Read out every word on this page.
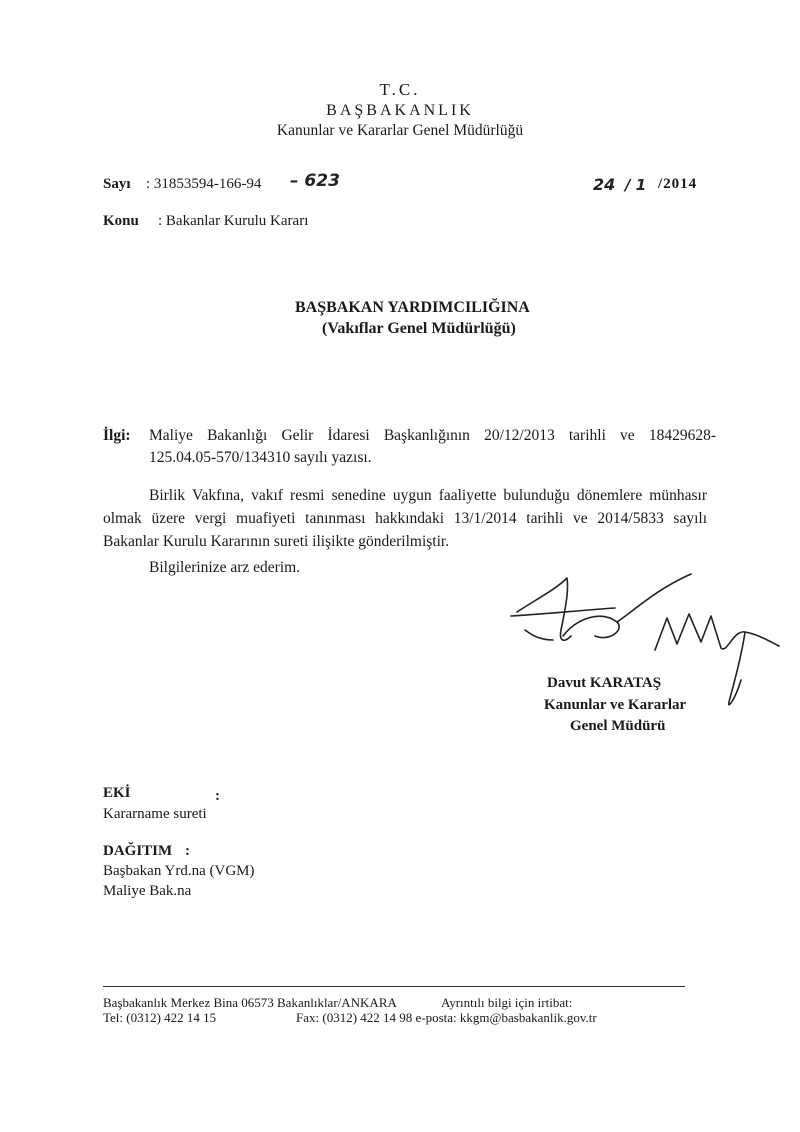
T.C.
BAŞBAKANLIK
Kanunlar ve Kararlar Genel Müdürlüğü
Sayı : 31853594-166-94 – 623	24 / 1 /2014
Konu : Bakanlar Kurulu Kararı
BAŞBAKAN YARDIMCILIĞINA
(Vakıflar Genel Müdürlüğü)
İlgi: Maliye Bakanlığı Gelir İdaresi Başkanlığının 20/12/2013 tarihli ve 18429628-
125.04.05-570/134310 sayılı yazısı.
Birlik Vakfına, vakıf resmi senedine uygun faaliyette bulunduğu dönemlere münhasır
olmak üzere vergi muafiyeti tanınması hakkındaki 13/1/2014 tarihli ve 2014/5833 sayılı
Bakanlar Kurulu Kararının sureti ilişikte gönderilmiştir.
Bilgilerinize arz ederim.
Davut KARATAŞ
Kanunlar ve Kararlar
Genel Müdürü
EKİ	:
Kararname sureti
DAĞITIM :
Başbakan Yrd.na (VGM)
Maliye Bak.na
Başbakanlık Merkez Bina 06573 Bakanlıklar/ANKARA	Ayrıntılı bilgi için irtibat:
Tel: (0312) 422 14 15	Fax: (0312) 422 14 98 e-posta: kkgm@basbakanlik.gov.tr
